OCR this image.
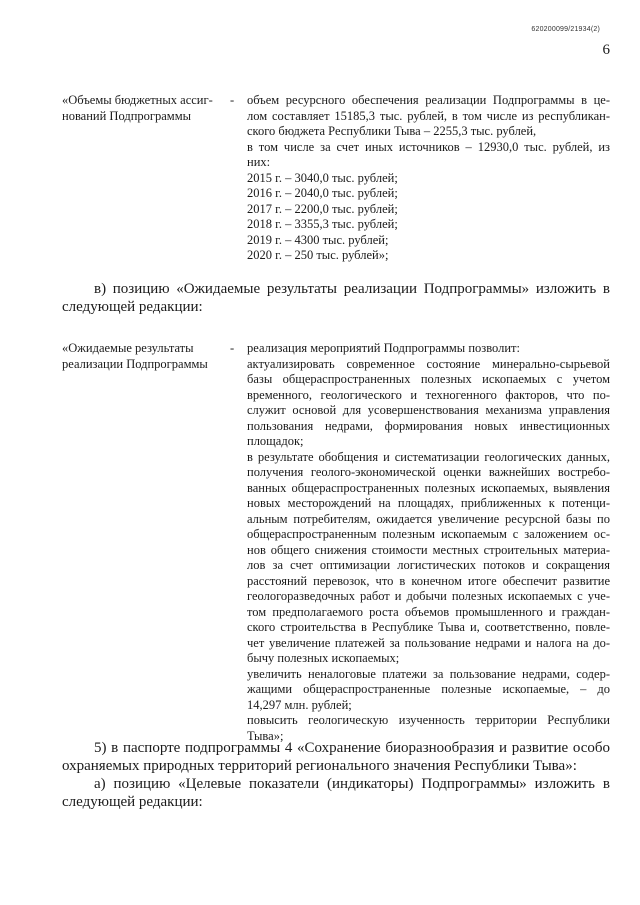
620200099/21934(2)
6
«Объемы бюджетных ассиг-
нований Подпрограммы
-	объем ресурсного обеспечения реализации Подпрограммы в це-
лом составляет 15185,3 тыс. рублей, в том числе из республикан-
ского бюджета Республики Тыва – 2255,3 тыс. рублей,
в том числе за счет иных источников – 12930,0 тыс. рублей, из
них:
2015 г. – 3040,0 тыс. рублей;
2016 г. – 2040,0 тыс. рублей;
2017 г. – 2200,0 тыс. рублей;
2018 г. – 3355,3 тыс. рублей;
2019 г. – 4300 тыс. рублей;
2020 г. – 250 тыс. рублей»;
в) позицию «Ожидаемые результаты реализации Подпрограммы» изложить в
следующей редакции:
«Ожидаемые результаты
реализации Подпрограммы
-	реализация мероприятий Подпрограммы позволит:
актуализировать современное состояние минерально-сырьевой
базы общераспространенных полезных ископаемых с учетом
временного, геологического и техногенного факторов, что по-
служит основой для усовершенствования механизма управления
пользования недрами, формирования новых инвестиционных
площадок;
в результате обобщения и систематизации геологических данных,
получения геолого-экономической оценки важнейших востребо-
ванных общераспространенных полезных ископаемых, выявления
новых месторождений на площадях, приближенных к потенци-
альным потребителям, ожидается увеличение ресурсной базы по
общераспространенным полезным ископаемым с заложением ос-
нов общего снижения стоимости местных строительных материа-
лов за счет оптимизации логистических потоков и сокращения
расстояний перевозок, что в конечном итоге обеспечит развитие
геологоразведочных работ и добычи полезных ископаемых с уче-
том предполагаемого роста объемов промышленного и граждан-
ского строительства в Республике Тыва и, соответственно, повле-
чет увеличение платежей за пользование недрами и налога на до-
бычу полезных ископаемых;
увеличить неналоговые платежи за пользование недрами, содер-
жащими общераспространенные полезные ископаемые, – до
14,297 млн. рублей;
повысить геологическую изученность территории Республики
Тыва»;
5) в паспорте подпрограммы 4 «Сохранение биоразнообразия и развитие особо
охраняемых природных территорий регионального значения Республики Тыва»:
а) позицию «Целевые показатели (индикаторы) Подпрограммы» изложить в
следующей редакции:
